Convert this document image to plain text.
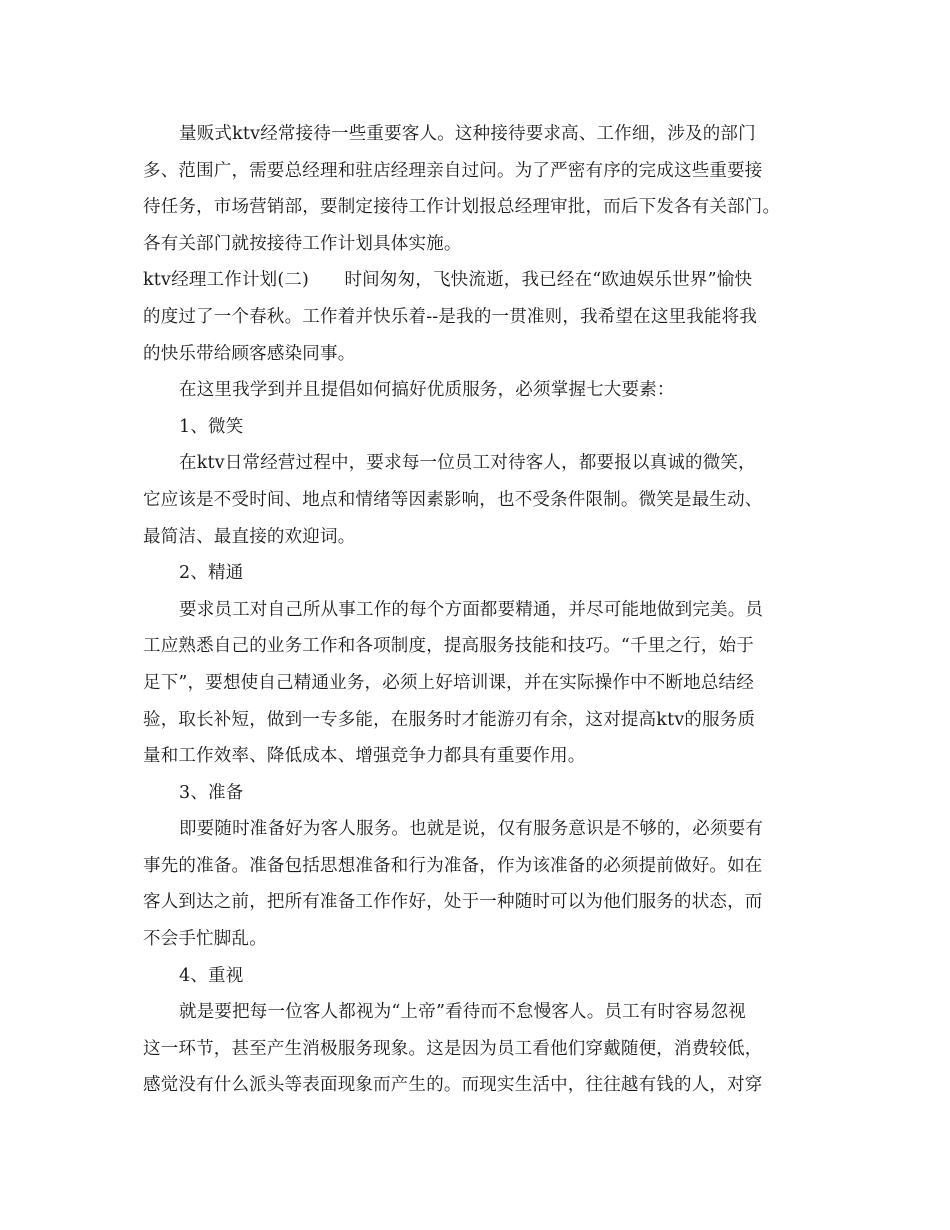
量贩式ktv经常接待一些重要客人。这种接待要求高、工作细，涉及的部门
多、范围广，需要总经理和驻店经理亲自过问。为了严密有序的完成这些重要接
待任务，市场营销部，要制定接待工作计划报总经理审批，而后下发各有关部门。
各有关部门就按接待工作计划具体实施。
ktv经理工作计划(二)　　时间匆匆，飞快流逝，我已经在“欧迪娱乐世界”愉快
的度过了一个春秋。工作着并快乐着--是我的一贯准则，我希望在这里我能将我
的快乐带给顾客感染同事。
在这里我学到并且提倡如何搞好优质服务，必须掌握七大要素：
1、微笑
在ktv日常经营过程中，要求每一位员工对待客人，都要报以真诚的微笑，
它应该是不受时间、地点和情绪等因素影响，也不受条件限制。微笑是最生动、
最简洁、最直接的欢迎词。
2、精通
要求员工对自己所从事工作的每个方面都要精通，并尽可能地做到完美。员
工应熟悉自己的业务工作和各项制度，提高服务技能和技巧。“千里之行，始于
足下”，要想使自己精通业务，必须上好培训课，并在实际操作中不断地总结经
验，取长补短，做到一专多能，在服务时才能游刃有余，这对提高ktv的服务质
量和工作效率、降低成本、增强竞争力都具有重要作用。
3、准备
即要随时准备好为客人服务。也就是说，仅有服务意识是不够的，必须要有
事先的准备。准备包括思想准备和行为准备，作为该准备的必须提前做好。如在
客人到达之前，把所有准备工作作好，处于一种随时可以为他们服务的状态，而
不会手忙脚乱。
4、重视
就是要把每一位客人都视为“上帝”看待而不怠慢客人。员工有时容易忽视
这一环节，甚至产生消极服务现象。这是因为员工看他们穿戴随便，消费较低，
感觉没有什么派头等表面现象而产生的。而现实生活中，往往越有钱的人，对穿
